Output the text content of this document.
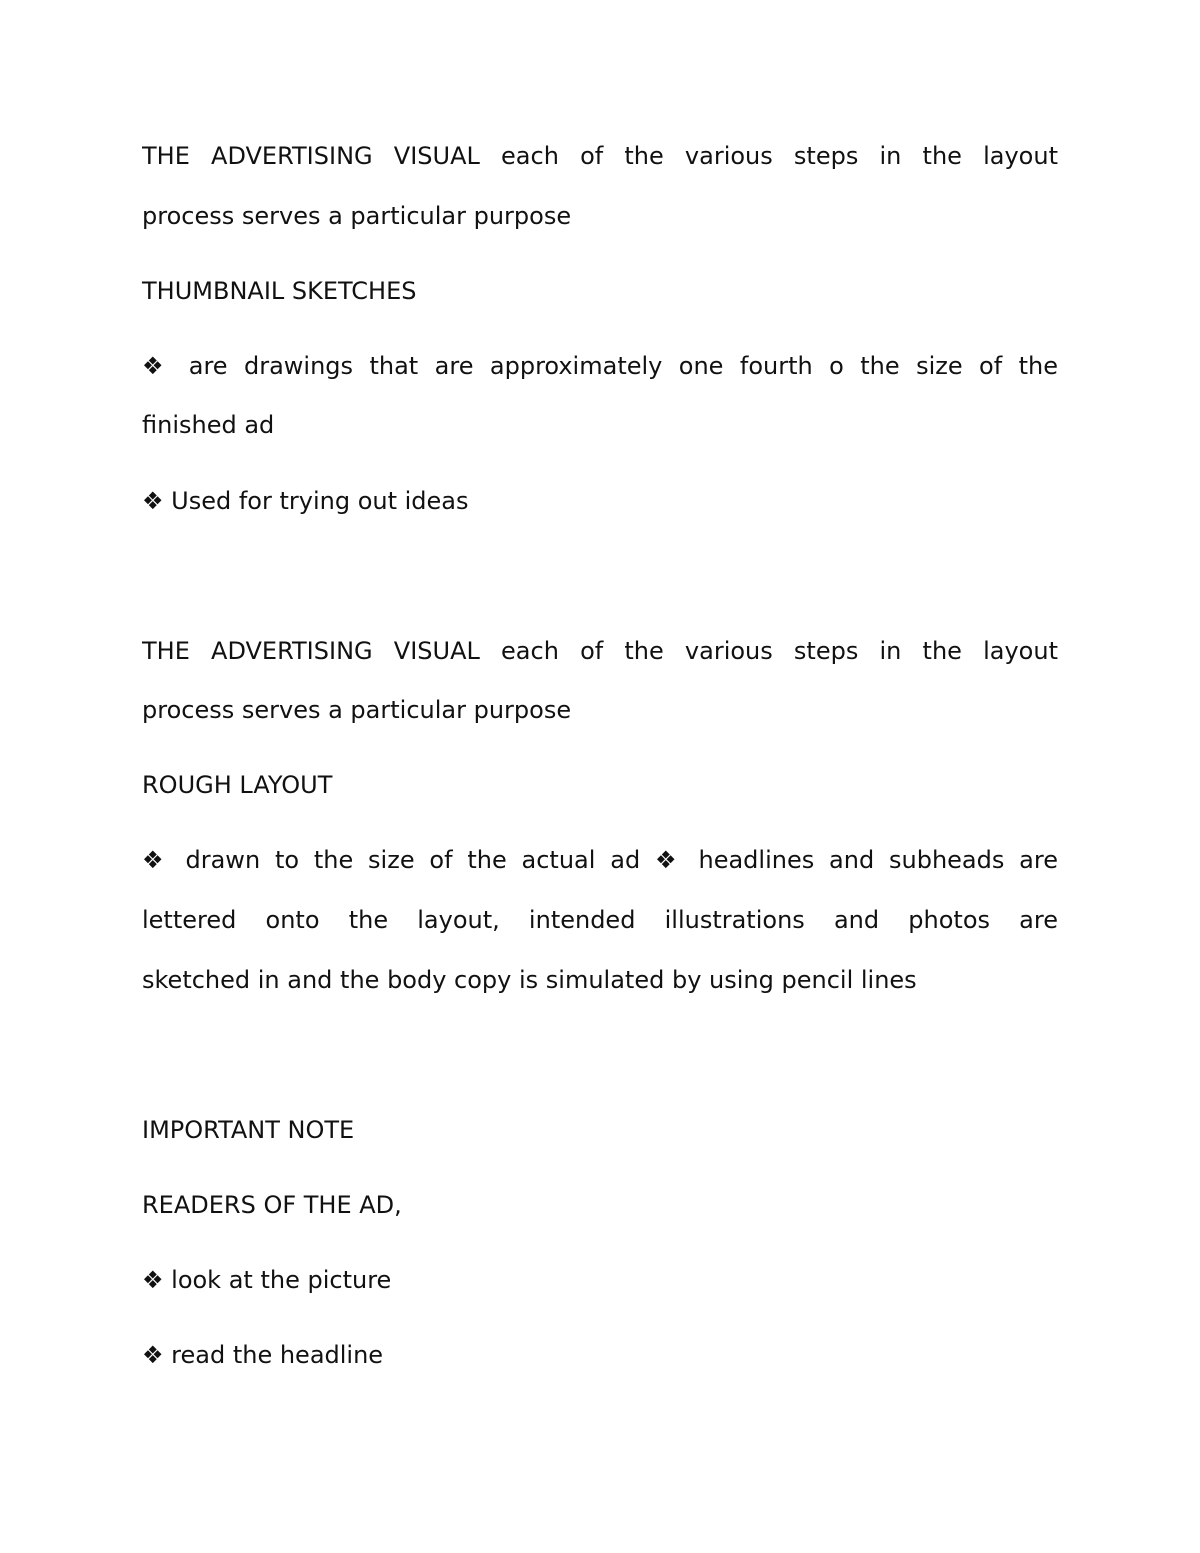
THE ADVERTISING VISUAL each of the various steps in the layout

process serves a particular purpose

THUMBNAIL SKETCHES

❖ are drawings that are approximately one fourth o the size of the

finished ad

❖ Used for trying out ideas

THE ADVERTISING VISUAL each of the various steps in the layout

process serves a particular purpose

ROUGH LAYOUT

❖ drawn to the size of the actual ad ❖ headlines and subheads are

lettered onto the layout, intended illustrations and photos are

sketched in and the body copy is simulated by using pencil lines

IMPORTANT NOTE

READERS OF THE AD,

❖ look at the picture

❖ read the headline
